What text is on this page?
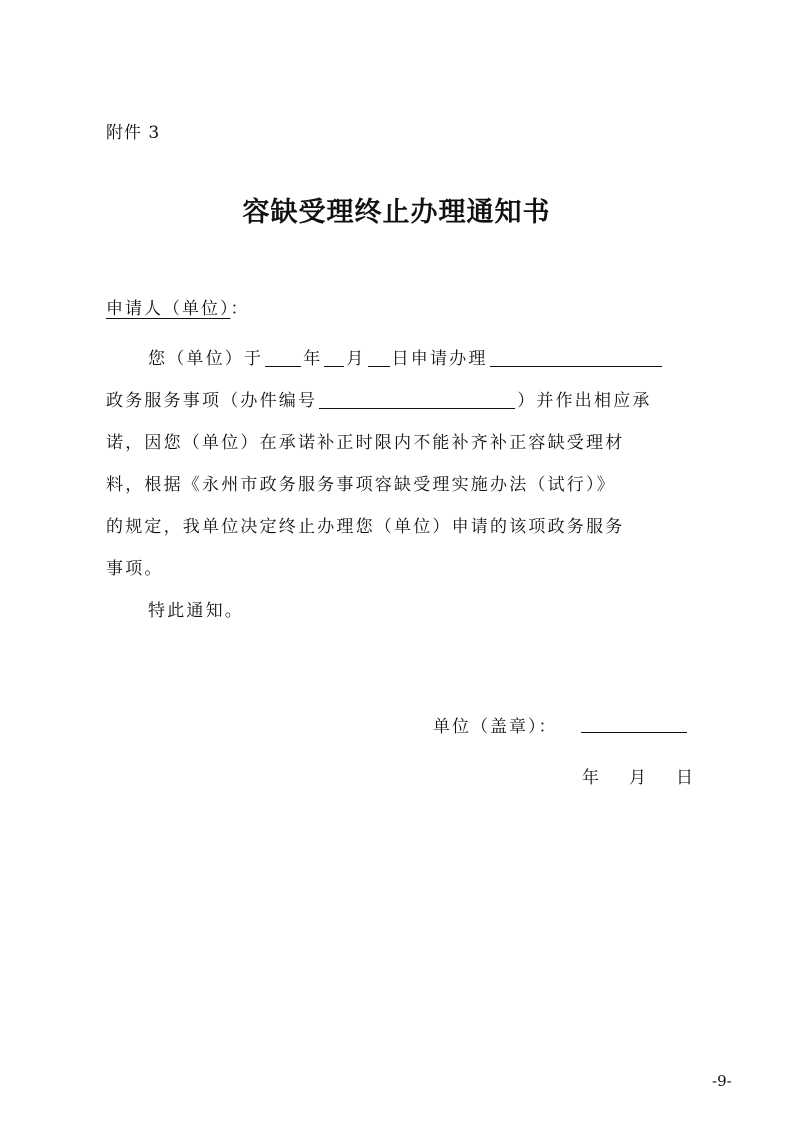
附件 3
容缺受理终止办理通知书
申请人（单位）：
您（单位）于 年 月 日申请办理
政务服务事项（办件编号	）并作出相应承
诺，因您（单位）在承诺补正时限内不能补齐补正容缺受理材
料，根据《永州市政务服务事项容缺受理实施办法（试行）》
的规定，我单位决定终止办理您（单位）申请的该项政务服务
事项。
特此通知。
单位（盖章）：
年 月 日
-9-
